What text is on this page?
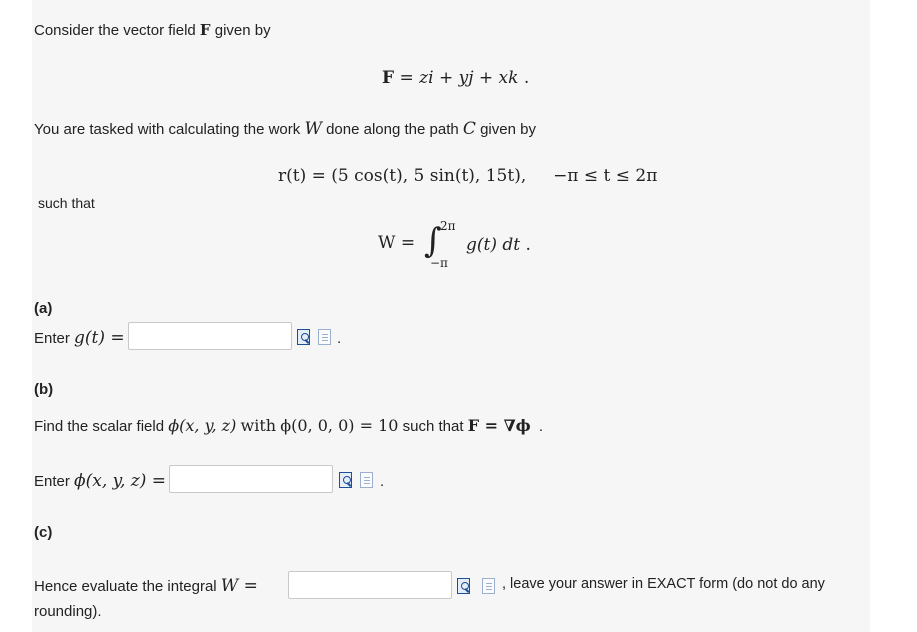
Consider the vector field F given by
F = zi + yj + xk .
You are tasked with calculating the work W done along the path C given by
r(t) = (5 cos(t), 5 sin(t), 15t), −π ≤ t ≤ 2π
such that
W = ∫
2π
−π
g(t) dt .
(a)
Enter g(t) =	.
(b)
Find the scalar field ϕ(x, y, z) with ϕ(0, 0, 0) = 10 such that F = ∇ϕ .
Enter ϕ(x, y, z) =	.
(c)
Hence evaluate the integral W =	, leave your answer in EXACT form (do not do any
rounding).
